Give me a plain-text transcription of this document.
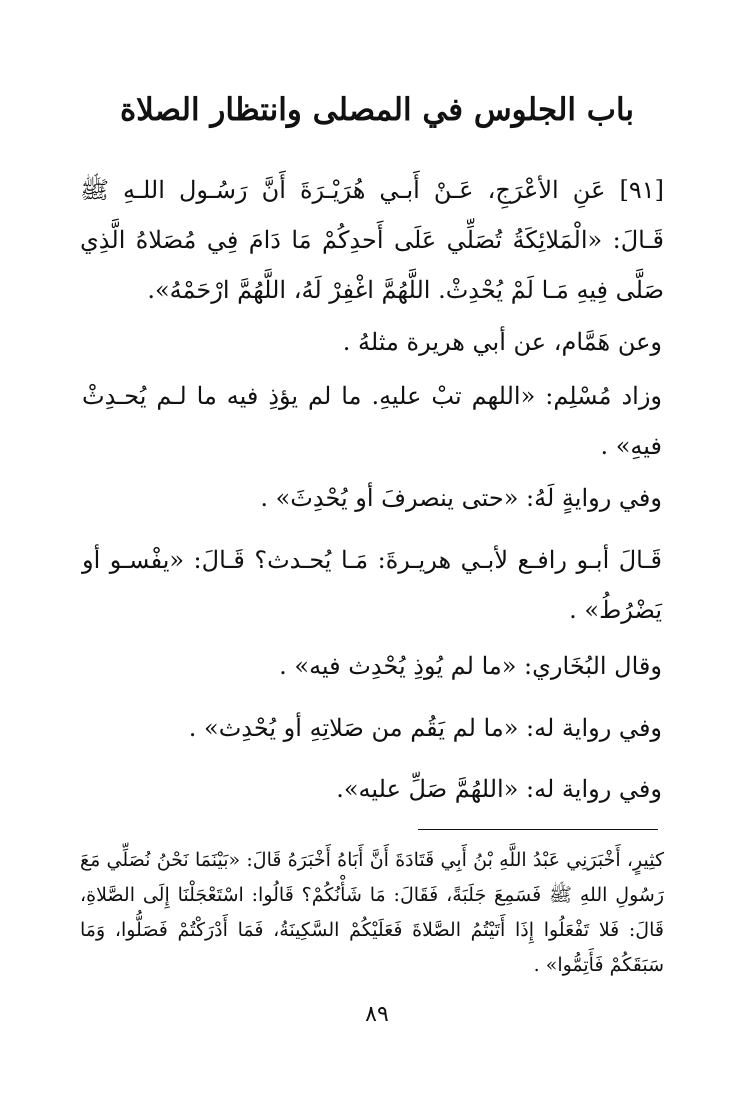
باب الجلوس في المصلى وانتظار الصلاة

[٩١] عَنِ الأعْرَجِ، عَـنْ أَبـي هُرَيْـرَةَ أَنَّ رَسُـول اللـهِ ﷺ قَـالَ: «الْمَلائِكَةُ تُصَلِّي عَلَى أَحدِكُمْ مَا دَامَ فِي مُصَلاهُ الَّذِي صَلَّى فِيهِ مَـا لَمْ يُحْدِثْ. اللَّهُمَّ اغْفِرْ لَهُ، اللَّهُمَّ ارْحَمْهُ».

وعن هَمَّام، عن أبي هريرة مثلهُ .

وزاد مُسْلِم: «اللهم تبْ عليهِ. ما لم يؤذِ فيه ما لـم يُحـدِثْ فيهِ» .

وفي روايةٍ لَهُ: «حتى ينصرفَ أو يُحْدِثَ» .

قَـالَ أبـو رافـع لأبـي هريـرةَ: مَـا يُحـدث؟ قَـالَ: «يفْسـو أو يَضْرُطُ» .

وقال البُخَاري: «ما لم يُوذِ يُحْدِث فيه» .

وفي رواية له: «ما لم يَقُم من صَلاتِهِ أو يُحْدِث» .

وفي رواية له: «اللهُمَّ صَلِّ عليه».

كثِيرٍ، أَخْبَرَنِي عَبْدُ اللَّهِ بْنُ أَبِي قَتَادَةَ أَنَّ أَبَاهُ أَخْبَرَهُ قَالَ: «بَيْنَمَا نَحْنُ نُصَلِّي مَعَ رَسُولِ اللهِ ﷺ فَسَمِعَ جَلَبَةً، فَقَالَ: مَا شَأْنُكُمْ؟ قَالُوا: اسْتَعْجَلْنَا إِلَى الصَّلاةِ، قَالَ: فَلا تَفْعَلُوا إِذَا أَتَيْتُمُ الصَّلاةَ فَعَلَيْكُمْ السَّكِينَةُ، فَمَا أَدْرَكْتُمْ فَصَلُّوا، وَمَا سَبَقَكُمْ فَأَتِمُّوا» .

٨٩
